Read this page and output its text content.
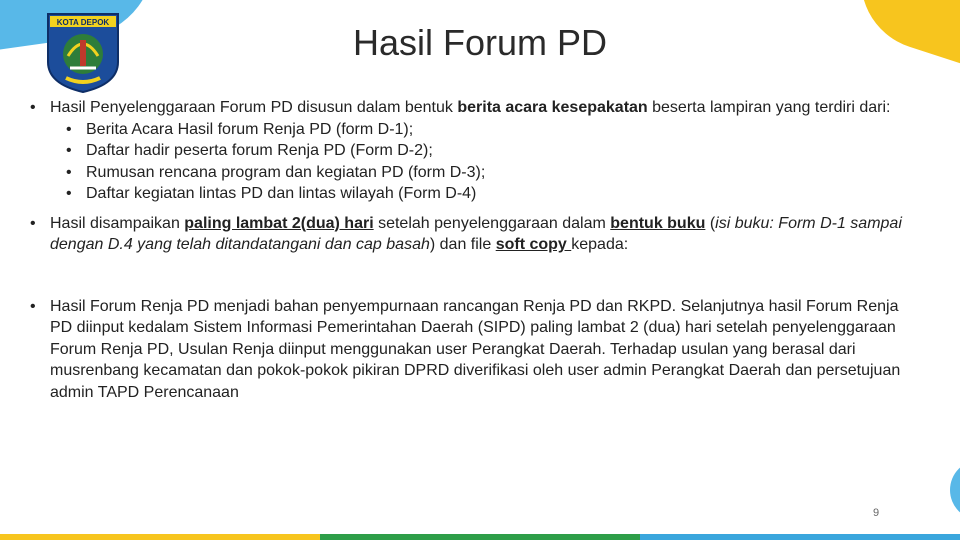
KOTA DEPOK	Hasil Forum PD
• Hasil Penyelenggaraan Forum PD disusun dalam bentuk berita acara kesepakatan beserta lampiran yang terdiri dari:
• Berita Acara Hasil forum Renja PD (form D-1);
• Daftar hadir peserta forum Renja PD (Form D-2);
• Rumusan rencana program dan kegiatan PD (form D-3);
• Daftar kegiatan lintas PD dan lintas wilayah (Form D-4)
• Hasil disampaikan paling lambat 2(dua) hari setelah penyelenggaraan dalam bentuk buku (isi buku: Form D-1 sampai dengan D.4 yang telah ditandatangani dan cap basah) dan file soft copy kepada:
• Hasil Forum Renja PD menjadi bahan penyempurnaan rancangan Renja PD dan RKPD. Selanjutnya hasil Forum Renja PD diinput kedalam Sistem Informasi Pemerintahan Daerah (SIPD) paling lambat 2 (dua) hari setelah penyelenggaraan Forum Renja PD, Usulan Renja diinput menggunakan user Perangkat Daerah. Terhadap usulan yang berasal dari musrenbang kecamatan dan pokok-pokok pikiran DPRD diverifikasi oleh user admin Perangkat Daerah dan persetujuan admin TAPD Perencanaan
9
